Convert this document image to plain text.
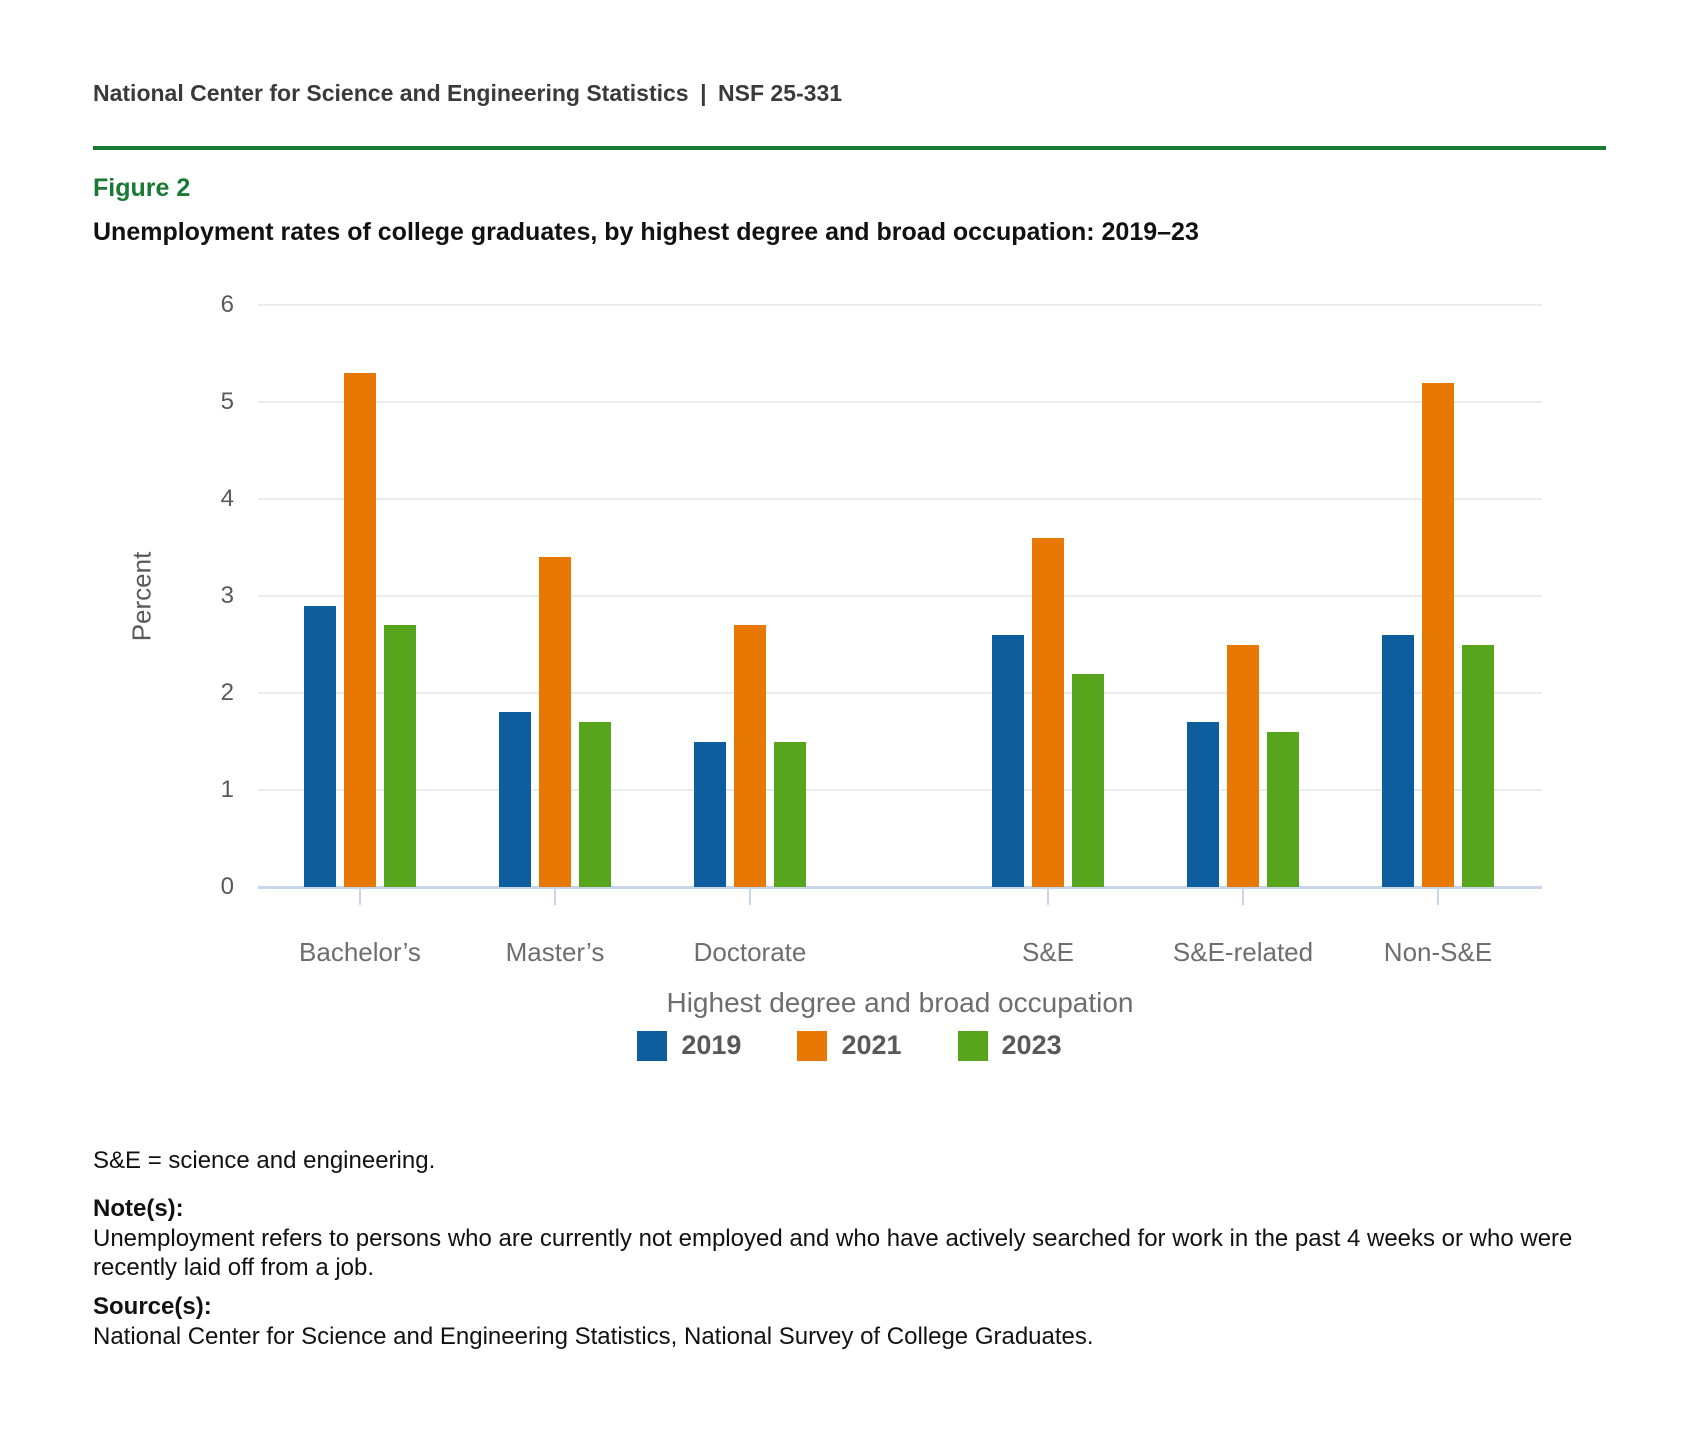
National Center for Science and Engineering Statistics | NSF 25-331
Figure 2
Unemployment rates of college graduates, by highest degree and broad occupation: 2019–23
Percent
Highest degree and broad occupation
0
1
2
3
4
5
6
Bachelor’s	Master’s	Doctorate	S&E	S&E-related	Non-S&E
2019	2021	2023
S&E = science and engineering.
Note(s):
Unemployment refers to persons who are currently not employed and who have actively searched for work in the past 4 weeks or who were recently laid off from a job.
Source(s):
National Center for Science and Engineering Statistics, National Survey of College Graduates.
